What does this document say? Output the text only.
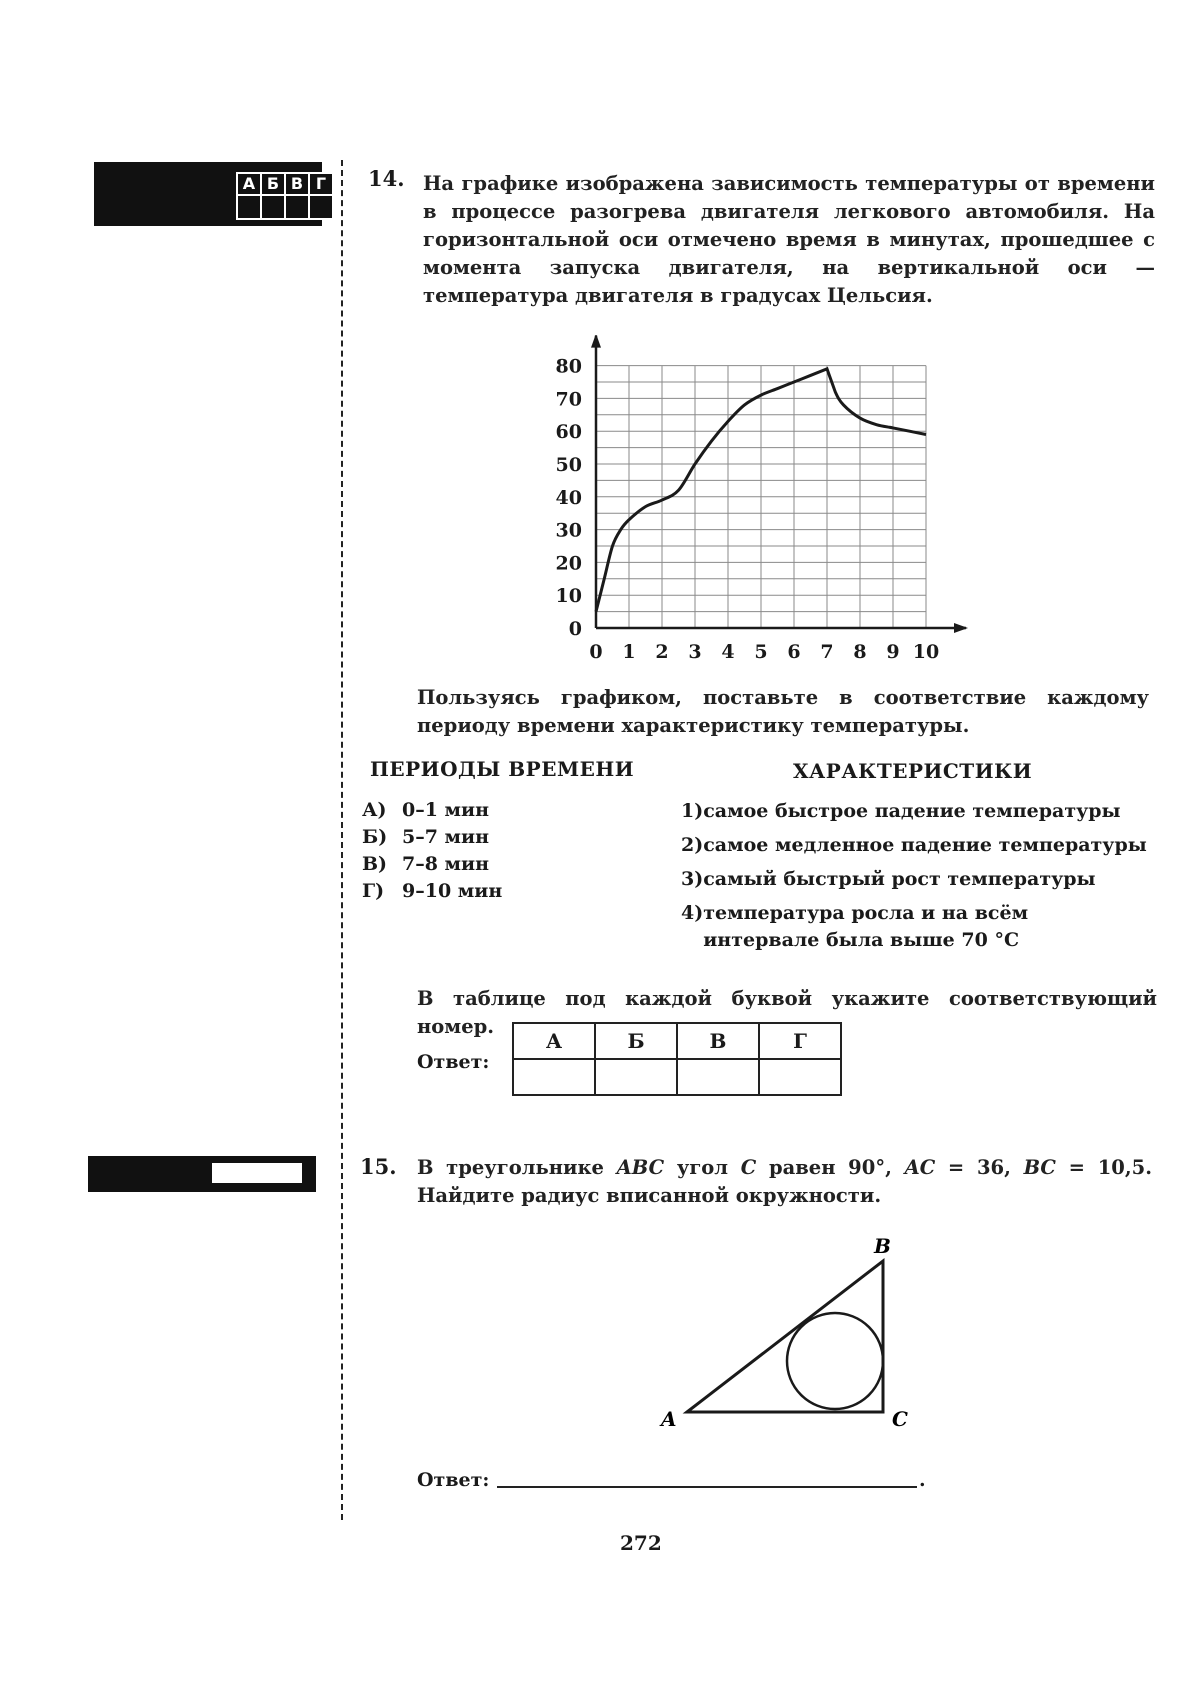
А Б В Г 14. На графике изображена зависимость температуры от времени в процессе разогрева двигателя легкового автомобиля. На горизонтальной оси отмечено время в минутах, прошедшее с момента запуска двигателя, на вертикальной оси — температура двигателя в градусах Цельсия.
0 1 2 3 4 5 6 7 8 9 10
0
10
20
30
40
50
60
70
80
Пользуясь графиком, поставьте в соответствие каждому периоду времени характеристику температуры.
ПЕРИОДЫ ВРЕМЕНИ	ХАРАКТЕРИСТИКИ
А) 0–1 мин
Б) 5–7 мин
В) 7–8 мин
Г) 9–10 мин
1)самое быстрое падение температуры
2)самое медленное падение температуры
3)самый быстрый рост температуры
4) температура росла и на всём интервале была выше 70 °C
В таблице под каждой буквой укажите соответствующий номер.
Ответ:
А	Б	В	Г

15. В треугольнике ABC угол C равен 90°, AC = 36, BC = 10,5. Найдите радиус вписанной окружности.
A
B
C
Ответ:	.
272
